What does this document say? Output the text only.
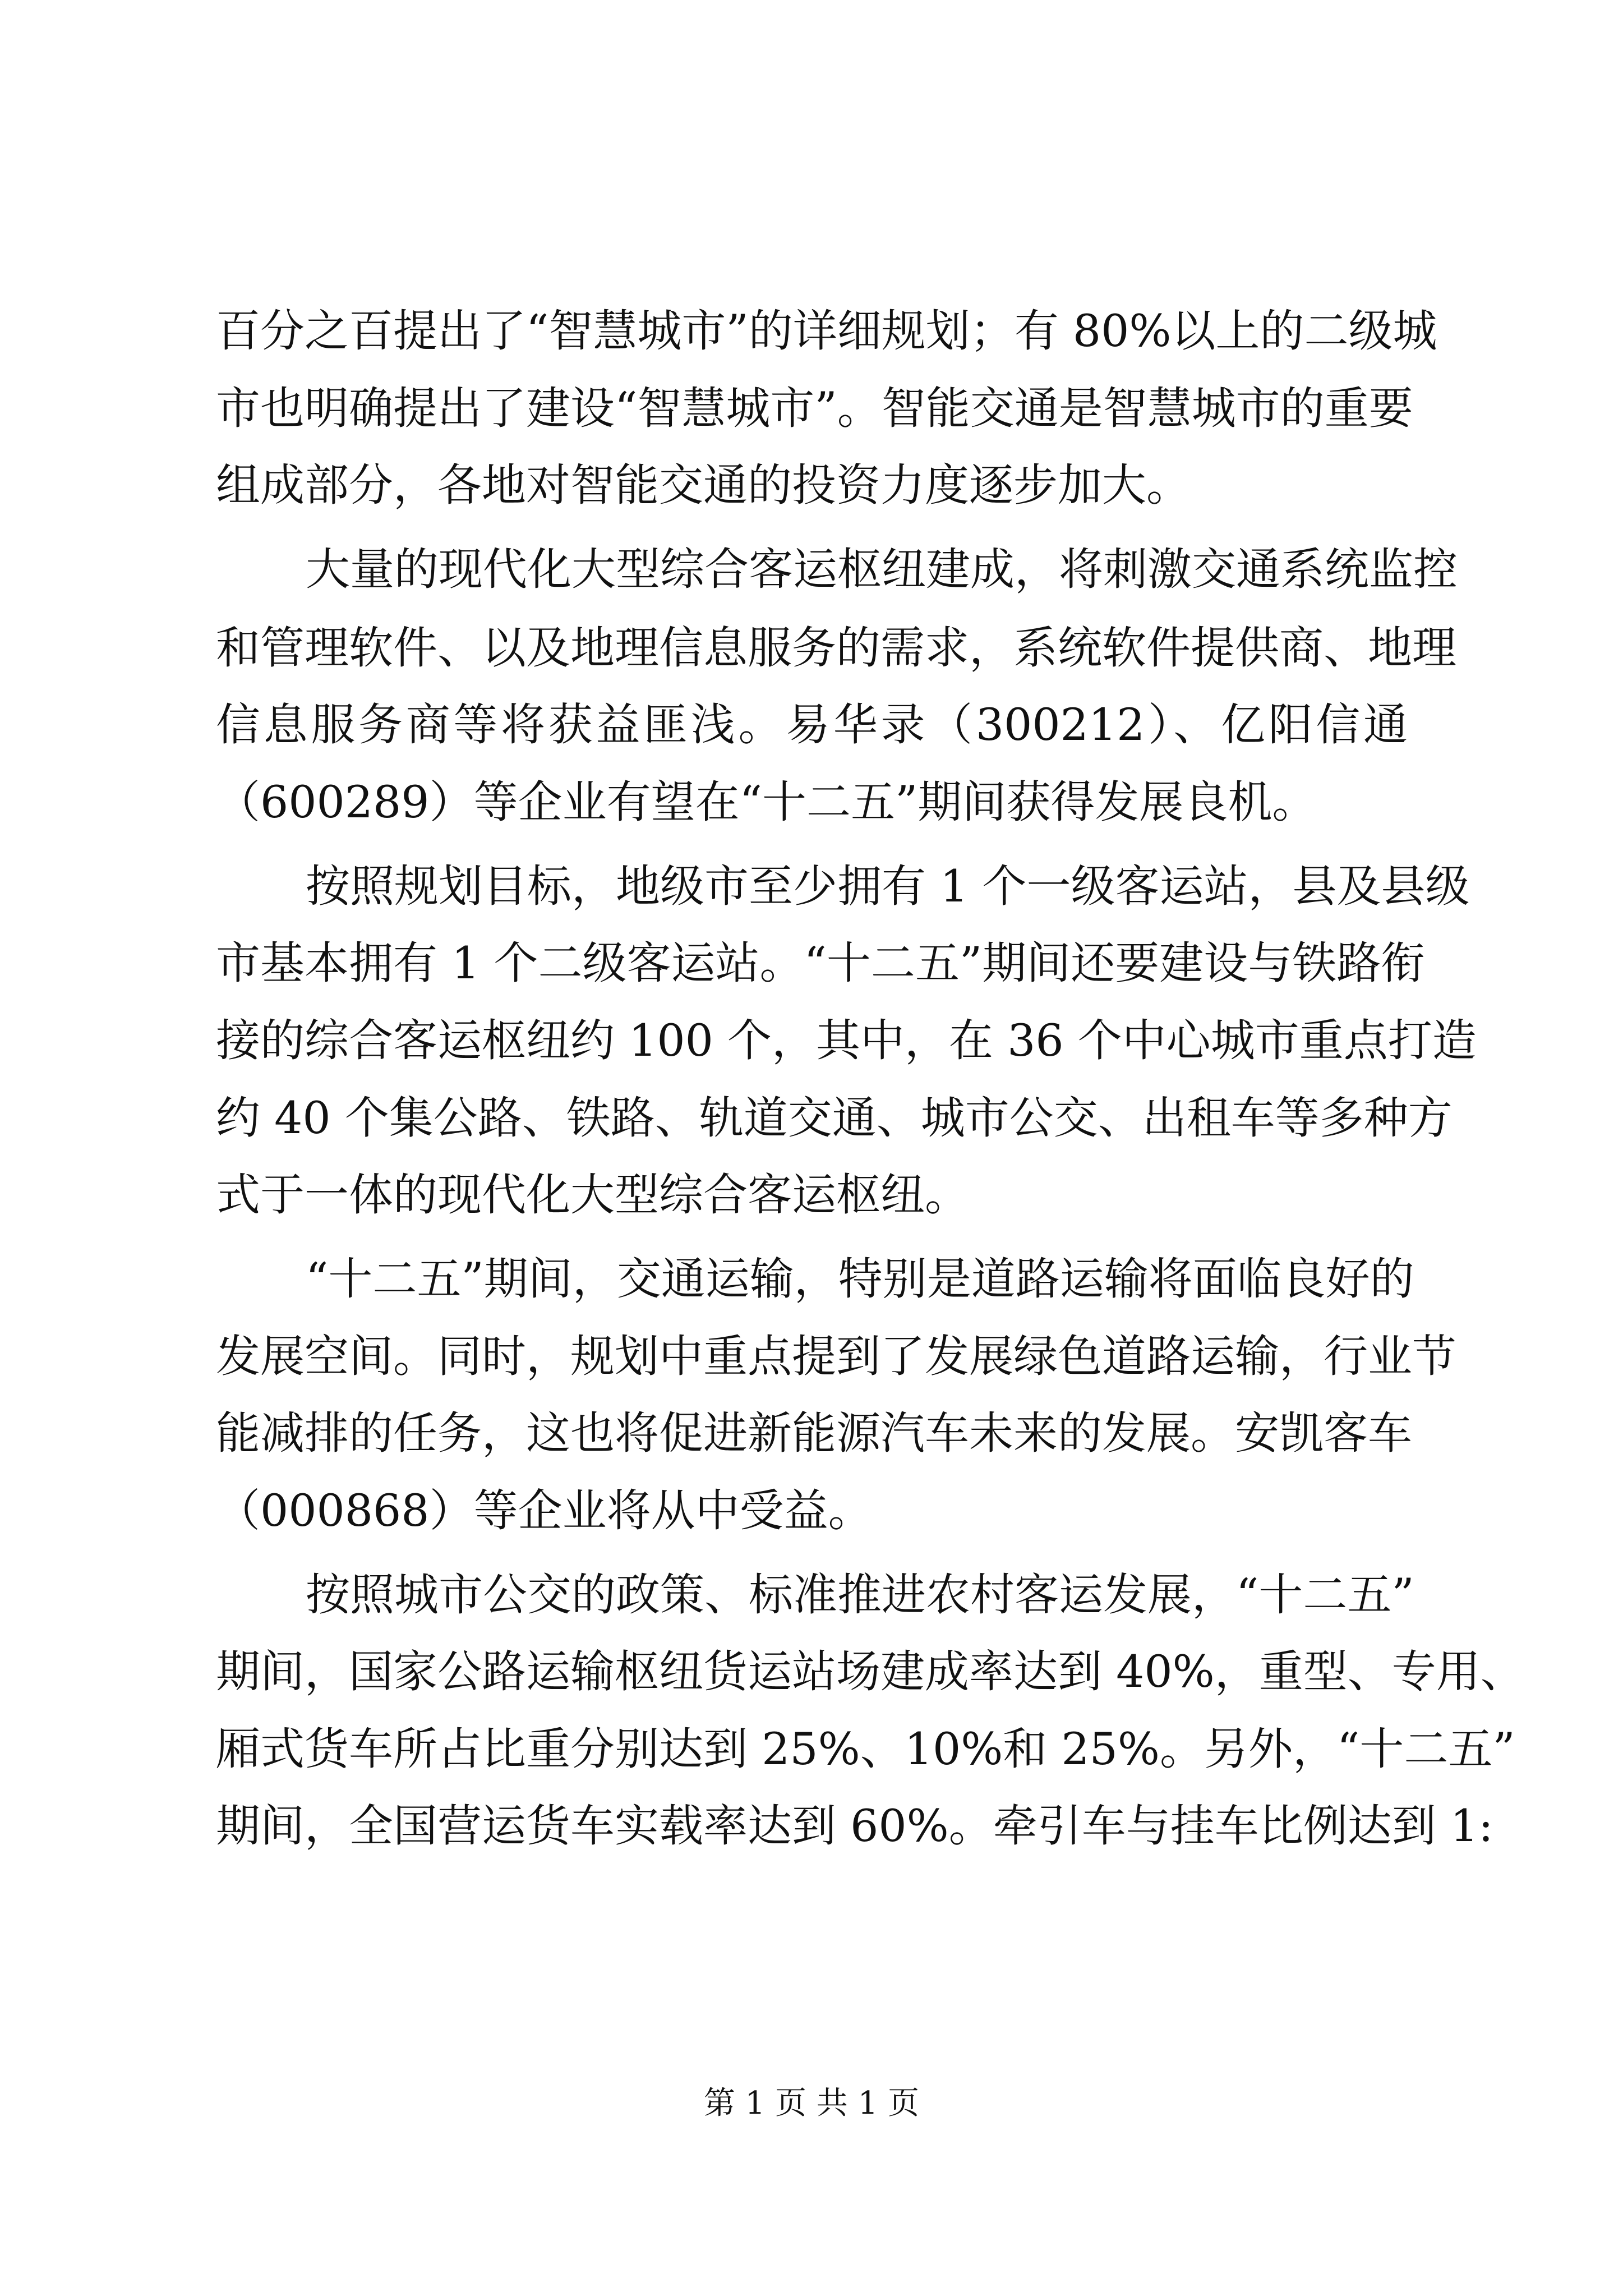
百分之百提出了“智慧城市”的详细规划；有 80%以上的二级城
市也明确提出了建设“智慧城市”。智能交通是智慧城市的重要
组成部分，各地对智能交通的投资力度逐步加大。
大量的现代化大型综合客运枢纽建成，将刺激交通系统监控
和管理软件、以及地理信息服务的需求，系统软件提供商、地理
信息服务商等将获益匪浅。易华录（300212）、亿阳信通
（600289）等企业有望在“十二五”期间获得发展良机。
按照规划目标，地级市至少拥有 1 个一级客运站，县及县级
市基本拥有 1 个二级客运站。“十二五”期间还要建设与铁路衔
接的综合客运枢纽约 100 个，其中，在 36 个中心城市重点打造
约 40 个集公路、铁路、轨道交通、城市公交、出租车等多种方
式于一体的现代化大型综合客运枢纽。
“十二五”期间，交通运输，特别是道路运输将面临良好的
发展空间。同时，规划中重点提到了发展绿色道路运输，行业节
能减排的任务，这也将促进新能源汽车未来的发展。安凯客车
（000868）等企业将从中受益。
按照城市公交的政策、标准推进农村客运发展，“十二五”
期间，国家公路运输枢纽货运站场建成率达到 40%，重型、专用、
厢式货车所占比重分别达到 25%、10%和 25%。另外，“十二五”
期间，全国营运货车实载率达到 60%。牵引车与挂车比例达到 1:
第 1 页 共 1 页
